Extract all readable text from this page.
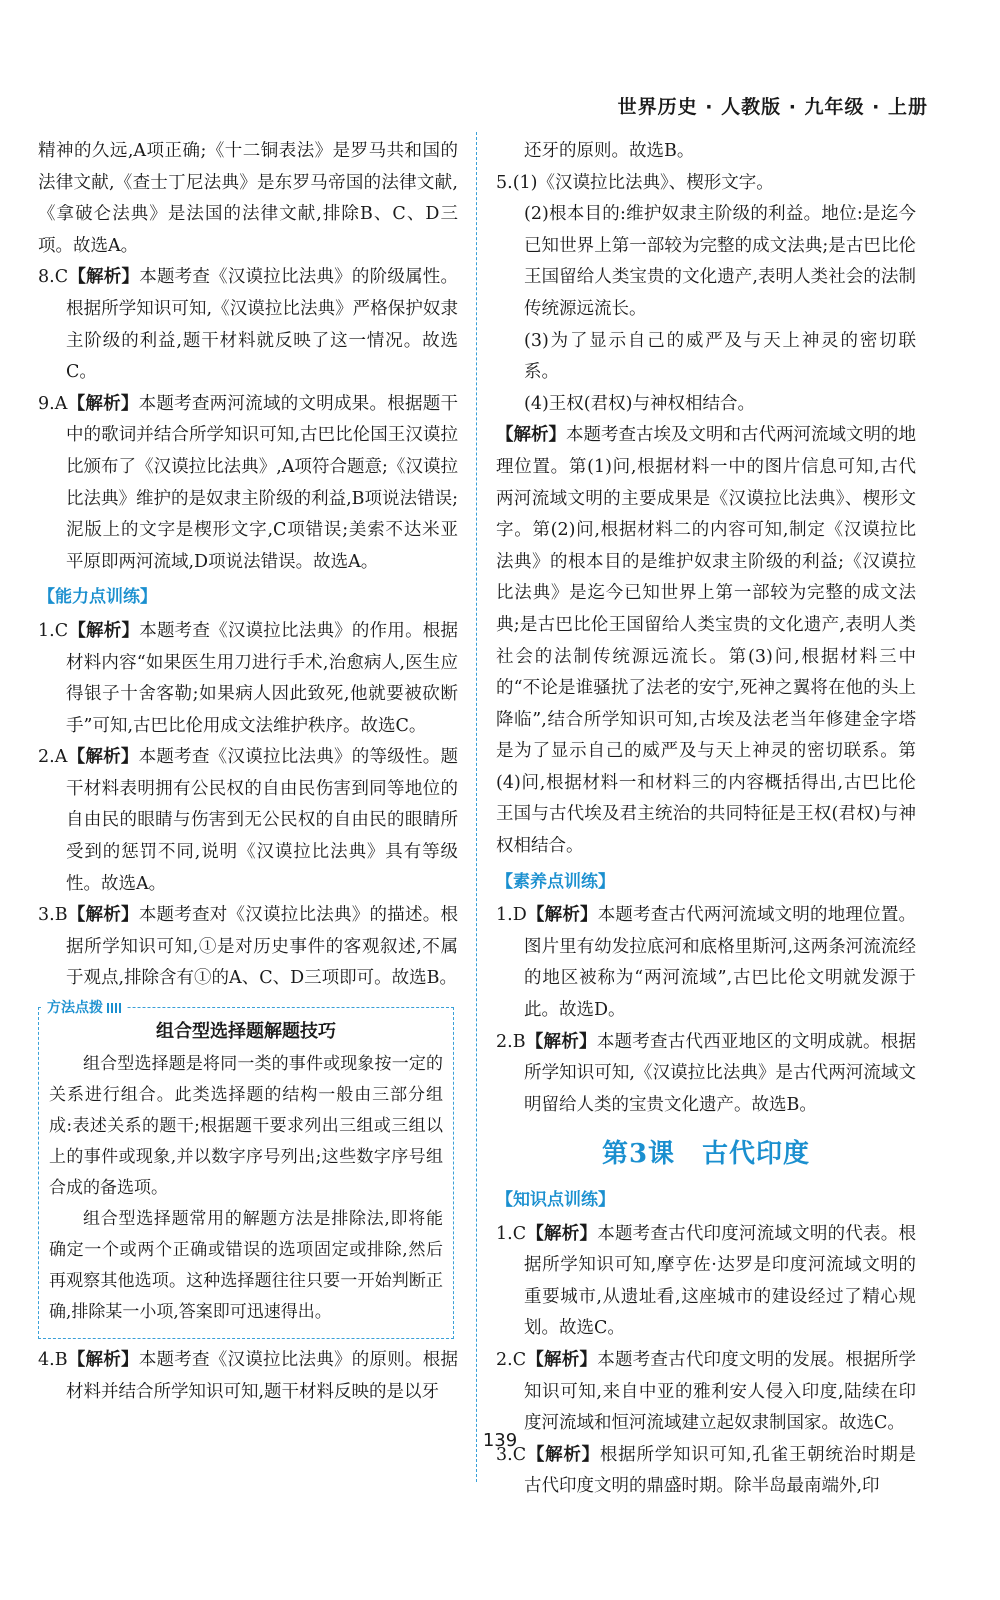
世界历史 · 人教版 · 九年级 · 上册

精神的久远,A项正确;《十二铜表法》是罗马共和国的法律文献,《查士丁尼法典》是东罗马帝国的法律文献,《拿破仑法典》是法国的法律文献,排除B、C、D三项。故选A。

8.C【解析】本题考查《汉谟拉比法典》的阶级属性。根据所学知识可知,《汉谟拉比法典》严格保护奴隶主阶级的利益,题干材料就反映了这一情况。故选C。

9.A【解析】本题考查两河流域的文明成果。根据题干中的歌词并结合所学知识可知,古巴比伦国王汉谟拉比颁布了《汉谟拉比法典》,A项符合题意;《汉谟拉比法典》维护的是奴隶主阶级的利益,B项说法错误;泥版上的文字是楔形文字,C项错误;美索不达米亚平原即两河流域,D项说法错误。故选A。

【能力点训练】

1.C【解析】本题考查《汉谟拉比法典》的作用。根据材料内容“如果医生用刀进行手术,治愈病人,医生应得银子十舍客勒;如果病人因此致死,他就要被砍断手”可知,古巴比伦用成文法维护秩序。故选C。

2.A【解析】本题考查《汉谟拉比法典》的等级性。题干材料表明拥有公民权的自由民伤害到同等地位的自由民的眼睛与伤害到无公民权的自由民的眼睛所受到的惩罚不同,说明《汉谟拉比法典》具有等级性。故选A。

3.B【解析】本题考查对《汉谟拉比法典》的描述。根据所学知识可知,①是对历史事件的客观叙述,不属于观点,排除含有①的A、C、D三项即可。故选B。

方法点拨
组合型选择题解题技巧

组合型选择题是将同一类的事件或现象按一定的关系进行组合。此类选择题的结构一般由三部分组成:表述关系的题干;根据题干要求列出三组或三组以上的事件或现象,并以数字序号列出;这些数字序号组合成的备选项。

组合型选择题常用的解题方法是排除法,即将能确定一个或两个正确或错误的选项固定或排除,然后再观察其他选项。这种选择题往往只要一开始判断正确,排除某一小项,答案即可迅速得出。

4.B【解析】本题考查《汉谟拉比法典》的原则。根据材料并结合所学知识可知,题干材料反映的是以牙

还牙的原则。故选B。

5.(1)《汉谟拉比法典》、楔形文字。

(2)根本目的:维护奴隶主阶级的利益。地位:是迄今已知世界上第一部较为完整的成文法典;是古巴比伦王国留给人类宝贵的文化遗产,表明人类社会的法制传统源远流长。

(3)为了显示自己的威严及与天上神灵的密切联系。

(4)王权(君权)与神权相结合。

【解析】本题考查古埃及文明和古代两河流域文明的地理位置。第(1)问,根据材料一中的图片信息可知,古代两河流域文明的主要成果是《汉谟拉比法典》、楔形文字。第(2)问,根据材料二的内容可知,制定《汉谟拉比法典》的根本目的是维护奴隶主阶级的利益;《汉谟拉比法典》是迄今已知世界上第一部较为完整的成文法典;是古巴比伦王国留给人类宝贵的文化遗产,表明人类社会的法制传统源远流长。第(3)问,根据材料三中的“不论是谁骚扰了法老的安宁,死神之翼将在他的头上降临”,结合所学知识可知,古埃及法老当年修建金字塔是为了显示自己的威严及与天上神灵的密切联系。第(4)问,根据材料一和材料三的内容概括得出,古巴比伦王国与古代埃及君主统治的共同特征是王权(君权)与神权相结合。

【素养点训练】

1.D【解析】本题考查古代两河流域文明的地理位置。图片里有幼发拉底河和底格里斯河,这两条河流流经的地区被称为“两河流域”,古巴比伦文明就发源于此。故选D。

2.B【解析】本题考查古代西亚地区的文明成就。根据所学知识可知,《汉谟拉比法典》是古代两河流域文明留给人类的宝贵文化遗产。故选B。

第3课　古代印度
【知识点训练】

1.C【解析】本题考查古代印度河流域文明的代表。根据所学知识可知,摩亨佐·达罗是印度河流域文明的重要城市,从遗址看,这座城市的建设经过了精心规划。故选C。

2.C【解析】本题考查古代印度文明的发展。根据所学知识可知,来自中亚的雅利安人侵入印度,陆续在印度河流域和恒河流域建立起奴隶制国家。故选C。

3.C【解析】根据所学知识可知,孔雀王朝统治时期是古代印度文明的鼎盛时期。除半岛最南端外,印

139
